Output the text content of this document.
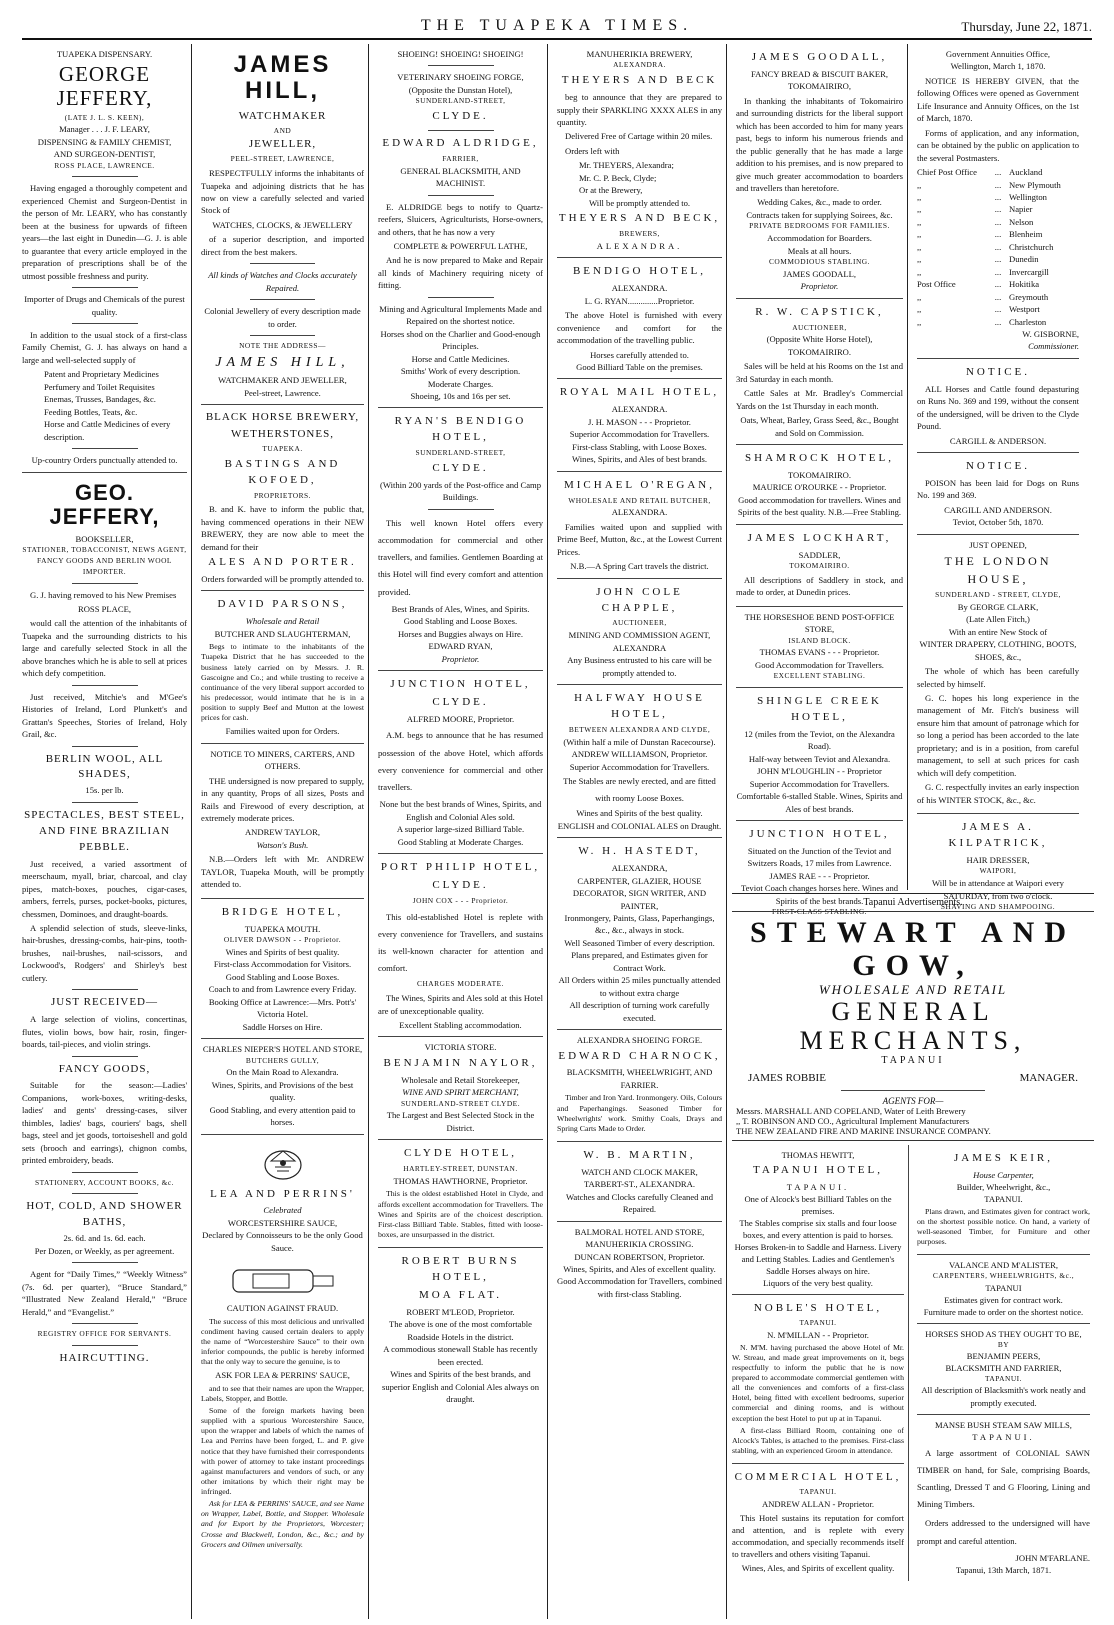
THE TUAPEKA TIMES.	Thursday, June 22, 1871.
TUAPEKA DISPENSARY.
GEORGE JEFFERY,
(LATE J. L. S. KEEN),
Manager . . . J. F. LEARY,
DISPENSING & FAMILY CHEMIST,
AND SURGEON-DENTIST,
ROSS PLACE, LAWRENCE.

Having engaged a thoroughly competent and experienced Chemist and Surgeon-Dentist in the person of Mr. LEARY, who has constantly been at the business for upwards of fifteen years—the last eight in Dunedin—G. J. is able to guarantee that every article employed in the preparation of prescriptions shall be of the utmost possible freshness and purity.

Importer of Drugs and Chemicals of the purest quality.

In addition to the usual stock of a first-class Family Chemist, G. J. has always on hand a large and well-selected supply of

Patent and Proprietary Medicines
Perfumery and Toilet Requisites
Enemas, Trusses, Bandages, &c.
Feeding Bottles, Teats, &c.
Horse and Cattle Medicines of every description.

Up-country Orders punctually attended to.

GEO. JEFFERY,
BOOKSELLER,
STATIONER, TOBACCONIST, NEWS AGENT, FANCY GOODS AND BERLIN WOOL IMPORTER.

G. J. having removed to his New Premises

ROSS PLACE,

would call the attention of the inhabitants of Tuapeka and the surrounding districts to his large and carefully selected Stock in all the above branches which he is able to sell at prices which defy competition.

Just received, Mitchie's and M'Gee's Histories of Ireland, Lord Plunkett's and Grattan's Speeches, Stories of Ireland, Holy Grail, &c.

BERLIN WOOL, ALL SHADES,
15s. per lb.
SPECTACLES, BEST STEEL, AND FINE BRAZILIAN PEBBLE.

Just received, a varied assortment of meerschaum, myall, briar, charcoal, and clay pipes, match-boxes, pouches, cigar-cases, ambers, ferrels, purses, pocket-books, pictures, chessmen, Dominoes, and draught-boards.

A splendid selection of studs, sleeve-links, hair-brushes, dressing-combs, hair-pins, tooth-brushes, nail-brushes, nail-scissors, and Lockwood's, Rodgers' and Shirley's best cutlery.

JUST RECEIVED—

A large selection of violins, concertinas, flutes, violin bows, bow hair, rosin, finger-boards, tail-pieces, and violin strings.

FANCY GOODS,

Suitable for the season:—Ladies' Companions, work-boxes, writing-desks, ladies' and gents' dressing-cases, silver thimbles, ladies' bags, couriers' bags, shell bags, steel and jet goods, tortoiseshell and gold sets (brooch and earrings), chignon combs, printed embroidery, beads.

STATIONERY, ACCOUNT BOOKS, &c.
HOT, COLD, AND SHOWER BATHS,
2s. 6d. and 1s. 6d. each.
Per Dozen, or Weekly, as per agreement.

Agent for “Daily Times,” “Weekly Witness” (7s. 6d. per quarter), “Bruce Standard,” “Illustrated New Zealand Herald,” “Bruce Herald,” and “Evangelist.”

REGISTRY OFFICE FOR SERVANTS.
HAIRCUTTING.
JAMES HILL,
WATCHMAKER
AND
JEWELLER,
PEEL-STREET, LAWRENCE,

RESPECTFULLY informs the inhabitants of Tuapeka and adjoining districts that he has now on view a carefully selected and varied Stock of

WATCHES, CLOCKS, & JEWELLERY

of a superior description, and imported direct from the best makers.

All kinds of Watches and Clocks accurately Repaired.

Colonial Jewellery of every description made to order.

NOTE THE ADDRESS—
JAMES HILL,
WATCHMAKER AND JEWELLER,
Peel-street, Lawrence.
BLACK HORSE BREWERY,
WETHERSTONES,
TUAPEKA.
BASTINGS AND KOFOED,
PROPRIETORS.

B. and K. have to inform the public that, having commenced operations in their NEW BREWERY, they are now able to meet the demand for their

ALES AND PORTER.

Orders forwarded will be promptly attended to.

DAVID PARSONS,
Wholesale and Retail
BUTCHER AND SLAUGHTERMAN,

Begs to intimate to the inhabitants of the Tuapeka District that he has succeeded to the business lately carried on by Messrs. J. R. Gascoigne and Co.; and while trusting to receive a continuance of the very liberal support accorded to his predecessor, would intimate that he is in a position to supply Beef and Mutton at the lowest prices for cash.

Families waited upon for Orders.

NOTICE TO MINERS, CARTERS, AND OTHERS.

THE undersigned is now prepared to supply, in any quantity, Props of all sizes, Posts and Rails and Firewood of every description, at extremely moderate prices.

ANDREW TAYLOR,
Watson's Bush.

N.B.—Orders left with Mr. ANDREW TAYLOR, Tuapeka Mouth, will be promptly attended to.

BRIDGE HOTEL,
TUAPEKA MOUTH.
OLIVER DAWSON - - Proprietor.

Wines and Spirits of best quality.

First-class Accommodation for Visitors.

Good Stabling and Loose Boxes.

Coach to and from Lawrence every Friday. Booking Office at Lawrence:—Mrs. Pott's' Victoria Hotel.

Saddle Horses on Hire.

CHARLES NIEPER'S HOTEL AND STORE,
BUTCHERS GULLY,

On the Main Road to Alexandra.

Wines, Spirits, and Provisions of the best quality.

Good Stabling, and every attention paid to horses.

LEA AND PERRINS'
Celebrated
WORCESTERSHIRE SAUCE,
Declared by Connoisseurs to be the only Good Sauce.
CAUTION AGAINST FRAUD.

The success of this most delicious and unrivalled condiment having caused certain dealers to apply the name of “Worcestershire Sauce” to their own inferior compounds, the public is hereby informed that the only way to secure the genuine, is to

ASK FOR LEA & PERRINS' SAUCE,

and to see that their names are upon the Wrapper, Labels, Stopper, and Bottle.

Some of the foreign markets having been supplied with a spurious Worcestershire Sauce, upon the wrapper and labels of which the names of Lea and Perrins have been forged, L. and P. give notice that they have furnished their correspondents with power of attorney to take instant proceedings against manufacturers and vendors of such, or any other imitations by which their right may be infringed.

Ask for LEA & PERRINS' SAUCE, and see Name on Wrapper, Label, Bottle, and Stopper. Wholesale and for Export by the Proprietors, Worcester; Crosse and Blackwell, London, &c., &c.; and by Grocers and Oilmen universally.

SHOEING! SHOEING! SHOEING!
VETERINARY SHOEING FORGE,
(Opposite the Dunstan Hotel),
SUNDERLAND-STREET,
CLYDE.
EDWARD ALDRIDGE,
FARRIER,
GENERAL BLACKSMITH, AND MACHINIST.

E. ALDRIDGE begs to notify to Quartz-reefers, Sluicers, Agriculturists, Horse-owners, and others, that he has now a very

COMPLETE & POWERFUL LATHE,

And he is now prepared to Make and Repair all kinds of Machinery requiring nicety of fitting.

Mining and Agricultural Implements Made and Repaired on the shortest notice.

Horses shod on the Charlier and Good-enough Principles.

Horse and Cattle Medicines.

Smiths' Work of every description.

Moderate Charges.

Shoeing, 10s and 16s per set.

RYAN'S BENDIGO HOTEL,
SUNDERLAND-STREET,
CLYDE.

(Within 200 yards of the Post-office and Camp Buildings.

This well known Hotel offers every accommodation for commercial and other travellers, and families. Gentlemen Boarding at this Hotel will find every comfort and attention provided.

Best Brands of Ales, Wines, and Spirits.

Good Stabling and Loose Boxes.

Horses and Buggies always on Hire.

EDWARD RYAN,
Proprietor.
JUNCTION HOTEL,
CLYDE.
ALFRED MOORE, Proprietor.

A.M. begs to announce that he has resumed possession of the above Hotel, which affords every convenience for commercial and other travellers.

None but the best brands of Wines, Spirits, and English and Colonial Ales sold.

A superior large-sized Billiard Table.

Good Stabling at Moderate Charges.

PORT PHILIP HOTEL,
CLYDE.
JOHN COX - - - Proprietor.

This old-established Hotel is replete with every convenience for Travellers, and sustains its well-known character for attention and comfort.

CHARGES MODERATE.

The Wines, Spirits and Ales sold at this Hotel are of unexceptionable quality.

Excellent Stabling accommodation.

VICTORIA STORE.
BENJAMIN NAYLOR,
Wholesale and Retail Storekeeper,
WINE AND SPIRIT MERCHANT,
SUNDERLAND-STREET CLYDE.

The Largest and Best Selected Stock in the District.

CLYDE HOTEL,
HARTLEY-STREET, DUNSTAN.
THOMAS HAWTHORNE, Proprietor.

This is the oldest established Hotel in Clyde, and affords excellent accommodation for Travellers. The Wines and Spirits are of the choicest description. First-class Billiard Table. Stables, fitted with loose-boxes, are unsurpassed in the district.

ROBERT BURNS HOTEL,
MOA FLAT.
ROBERT M'LEOD, Proprietor.

The above is one of the most comfortable Roadside Hotels in the district.

A commodious stonewall Stable has recently been erected.

Wines and Spirits of the best brands, and superior English and Colonial Ales always on draught.

MANUHERIKIA BREWERY,
ALEXANDRA.
THEYERS AND BECK

beg to announce that they are prepared to supply their SPARKLING XXXX ALES in any quantity.

Delivered Free of Cartage within 20 miles.

Orders left with

Mr. THEYERS, Alexandra;
Mr. C. P. Beck, Clyde;
Or at the Brewery,

Will be promptly attended to.

THEYERS AND BECK,
BREWERS,
ALEXANDRA.
BENDIGO HOTEL,
ALEXANDRA.
L. G. RYAN..............Proprietor.

The above Hotel is furnished with every convenience and comfort for the accommodation of the travelling public.

Horses carefully attended to.

Good Billiard Table on the premises.

ROYAL MAIL HOTEL,
ALEXANDRA.
J. H. MASON - - - Proprietor.

Superior Accommodation for Travellers.

First-class Stabling, with Loose Boxes.

Wines, Spirits, and Ales of best brands.

MICHAEL O'REGAN,
WHOLESALE AND RETAIL BUTCHER,
ALEXANDRA.

Families waited upon and supplied with Prime Beef, Mutton, &c., at the Lowest Current Prices.

N.B.—A Spring Cart travels the district.

JOHN COLE CHAPPLE,
AUCTIONEER,
MINING AND COMMISSION AGENT,
ALEXANDRA

Any Business entrusted to his care will be promptly attended to.

HALFWAY HOUSE HOTEL,
BETWEEN ALEXANDRA AND CLYDE,

(Within half a mile of Dunstan Racecourse).

ANDREW WILLIAMSON, Proprietor.

Superior Accommodation for Travellers.

The Stables are newly erected, and are fitted with roomy Loose Boxes.

Wines and Spirits of the best quality.

ENGLISH and COLONIAL ALES on Draught.

W. H. HASTEDT,
ALEXANDRA,
CARPENTER, GLAZIER, HOUSE DECORATOR, SIGN WRITER, AND PAINTER,

Ironmongery, Paints, Glass, Paperhangings, &c., &c., always in stock.

Well Seasoned Timber of every description.

Plans prepared, and Estimates given for Contract Work.

All Orders within 25 miles punctually attended to without extra charge

All description of turning work carefully executed.

ALEXANDRA SHOEING FORGE.
EDWARD CHARNOCK,
BLACKSMITH, WHEELWRIGHT, AND FARRIER.

Timber and Iron Yard. Ironmongery. Oils, Colours and Paperhangings. Seasoned Timber for Wheelwrights' work. Smithy Coals, Drays and Spring Carts Made to Order.

W. B. MARTIN,
WATCH AND CLOCK MAKER,
TARBERT-ST., ALEXANDRA.

Watches and Clocks carefully Cleaned and Repaired.

BALMORAL HOTEL AND STORE,
MANUHERIKIA CROSSING.
DUNCAN ROBERTSON, Proprietor.

Wines, Spirits, and Ales of excellent quality.

Good Accommodation for Travellers, combined with first-class Stabling.

JAMES GOODALL,
FANCY BREAD & BISCUIT BAKER,
TOKOMAIRIRO,

In thanking the inhabitants of Tokomairiro and surrounding districts for the liberal support which has been accorded to him for many years past, begs to inform his numerous friends and the public generally that he has made a large addition to his premises, and is now prepared to give much greater accommodation to boarders and travellers than heretofore.

Wedding Cakes, &c., made to order.

Contracts taken for supplying Soirees, &c.

PRIVATE BEDROOMS FOR FAMILIES.

Accommodation for Boarders.

Meals at all hours.

COMMODIOUS STABLING.

JAMES GOODALL,
Proprietor.
R. W. CAPSTICK,
AUCTIONEER,
(Opposite White Horse Hotel),
TOKOMAIRIRO.

Sales will be held at his Rooms on the 1st and 3rd Saturday in each month.

Cattle Sales at Mr. Bradley's Commercial Yards on the 1st Thursday in each month.

Oats, Wheat, Barley, Grass Seed, &c., Bought and Sold on Commission.

SHAMROCK HOTEL,
TOKOMAIRIRO.
MAURICE O'ROURKE - - Proprietor.

Good accommodation for travellers. Wines and Spirits of the best quality. N.B.—Free Stabling.

JAMES LOCKHART,
SADDLER,
TOKOMAIRIRO.

All descriptions of Saddlery in stock, and made to order, at Dunedin prices.

THE HORSESHOE BEND POST-OFFICE STORE,
ISLAND BLOCK.
THOMAS EVANS - - - Proprietor.

Good Accommodation for Travellers.

EXCELLENT STABLING.

SHINGLE CREEK HOTEL,

12 (miles from the Teviot, on the Alexandra Road).

Half-way between Teviot and Alexandra.

JOHN M'LOUGHLIN - - Proprietor

Superior Accommodation for Travellers. Comfortable 6-stalled Stable. Wines, Spirits and Ales of best brands.

JUNCTION HOTEL,

Situated on the Junction of the Teviot and Switzers Roads, 17 miles from Lawrence.

JAMES RAE - - - Proprietor.

Teviot Coach changes horses here. Wines and Spirits of the best brands.

FIRST-CLASS STABLING.

Government Annuities Office,
Wellington, March 1, 1870.

NOTICE IS HEREBY GIVEN, that the following Offices were opened as Government Life Insurance and Annuity Offices, on the 1st of March, 1870.

Forms of application, and any information, can be obtained by the public on application to the several Postmasters.

Chief Post Office	... Auckland
,,	... New Plymouth
,,	... Wellington
,,	... Napier
,,	... Nelson
,,	... Blenheim
,,	... Christchurch
,,	... Dunedin
,,	... Invercargill
Post Office	... Hokitika
,,	... Greymouth
,,	... Westport
,,	... Charleston
W. GISBORNE,
Commissioner.
NOTICE.

ALL Horses and Cattle found depasturing on Runs No. 369 and 199, without the consent of the undersigned, will be driven to the Clyde Pound.

CARGILL & ANDERSON.
NOTICE.

POISON has been laid for Dogs on Runs No. 199 and 369.

CARGILL AND ANDERSON.
Teviot, October 5th, 1870.
JUST OPENED,
THE LONDON HOUSE,
SUNDERLAND - STREET, CLYDE,
By GEORGE CLARK,
(Late Allen Fitch,)
With an entire New Stock of
WINTER DRAPERY, CLOTHING, BOOTS, SHOES, &c.,

The whole of which has been carefully selected by himself.

G. C. hopes his long experience in the management of Mr. Fitch's business will ensure him that amount of patronage which for so long a period has been accorded to the late proprietary; and is in a position, from careful management, to sell at such prices for cash which will defy competition.

G. C. respectfully invites an early inspection of his WINTER STOCK, &c., &c.

JAMES A. KILPATRICK,
HAIR DRESSER,
WAIPORI,

Will be in attendance at Waipori every SATURDAY, from two o'clock.

SHAVING AND SHAMPOOING.
Tapanui Advertisements.
STEWART AND GOW,
WHOLESALE AND RETAIL
GENERAL MERCHANTS,
TAPANUI
JAMES ROBBIE	MANAGER.
AGENTS FOR—
Messrs. MARSHALL AND COPELAND, Water of Leith Brewery
,, T. ROBINSON AND CO., Agricultural Implement Manufacturers
THE NEW ZEALAND FIRE AND MARINE INSURANCE COMPANY.
THOMAS HEWITT,
TAPANUI HOTEL,
TAPANUI.

One of Alcock's best Billiard Tables on the premises.

The Stables comprise six stalls and four loose boxes, and every attention is paid to horses. Horses Broken-in to Saddle and Harness. Livery and Letting Stables. Ladies and Gentlemen's Saddle Horses always on hire.

Liquors of the very best quality.

NOBLE'S HOTEL,
TAPANUI.
N. M'MILLAN - - Proprietor.

N. M'M. having purchased the above Hotel of Mr. W. Streau, and made great improvements on it, begs respectfully to inform the public that he is now prepared to accommodate commercial gentlemen with all the conveniences and comforts of a first-class Hotel, being fitted with excellent bedrooms, superior commercial and dining rooms, and is without exception the best Hotel to put up at in Tapanui.

A first-class Billiard Room, containing one of Alcock's Tables, is attached to the premises. First-class stabling, with an experienced Groom in attendance.

COMMERCIAL HOTEL,
TAPANUI.
ANDREW ALLAN - Proprietor.

This Hotel sustains its reputation for comfort and attention, and is replete with every accommodation, and specially recommends itself to travellers and others visiting Tapanui.

Wines, Ales, and Spirits of excellent quality.

JAMES KEIR,
House Carpenter,
Builder, Wheelwright, &c.,
TAPANUI.

Plans drawn, and Estimates given for contract work, on the shortest possible notice. On hand, a variety of well-seasoned Timber, for Furniture and other purposes.

VALANCE AND M'ALISTER,
CARPENTERS, WHEELWRIGHTS, &c.,
TAPANUI

Estimates given for contract work.

Furniture made to order on the shortest notice.

HORSES SHOD AS THEY OUGHT TO BE,
BY
BENJAMIN PEERS,
BLACKSMITH AND FARRIER,
TAPANUI.

All description of Blacksmith's work neatly and promptly executed.

MANSE BUSH STEAM SAW MILLS,
TAPANUI.

A large assortment of COLONIAL SAWN TIMBER on hand, for Sale, comprising Boards, Scantling, Dressed T and G Flooring, Lining and Mining Timbers.

Orders addressed to the undersigned will have prompt and careful attention.

JOHN M'FARLANE.
Tapanui, 13th March, 1871.
